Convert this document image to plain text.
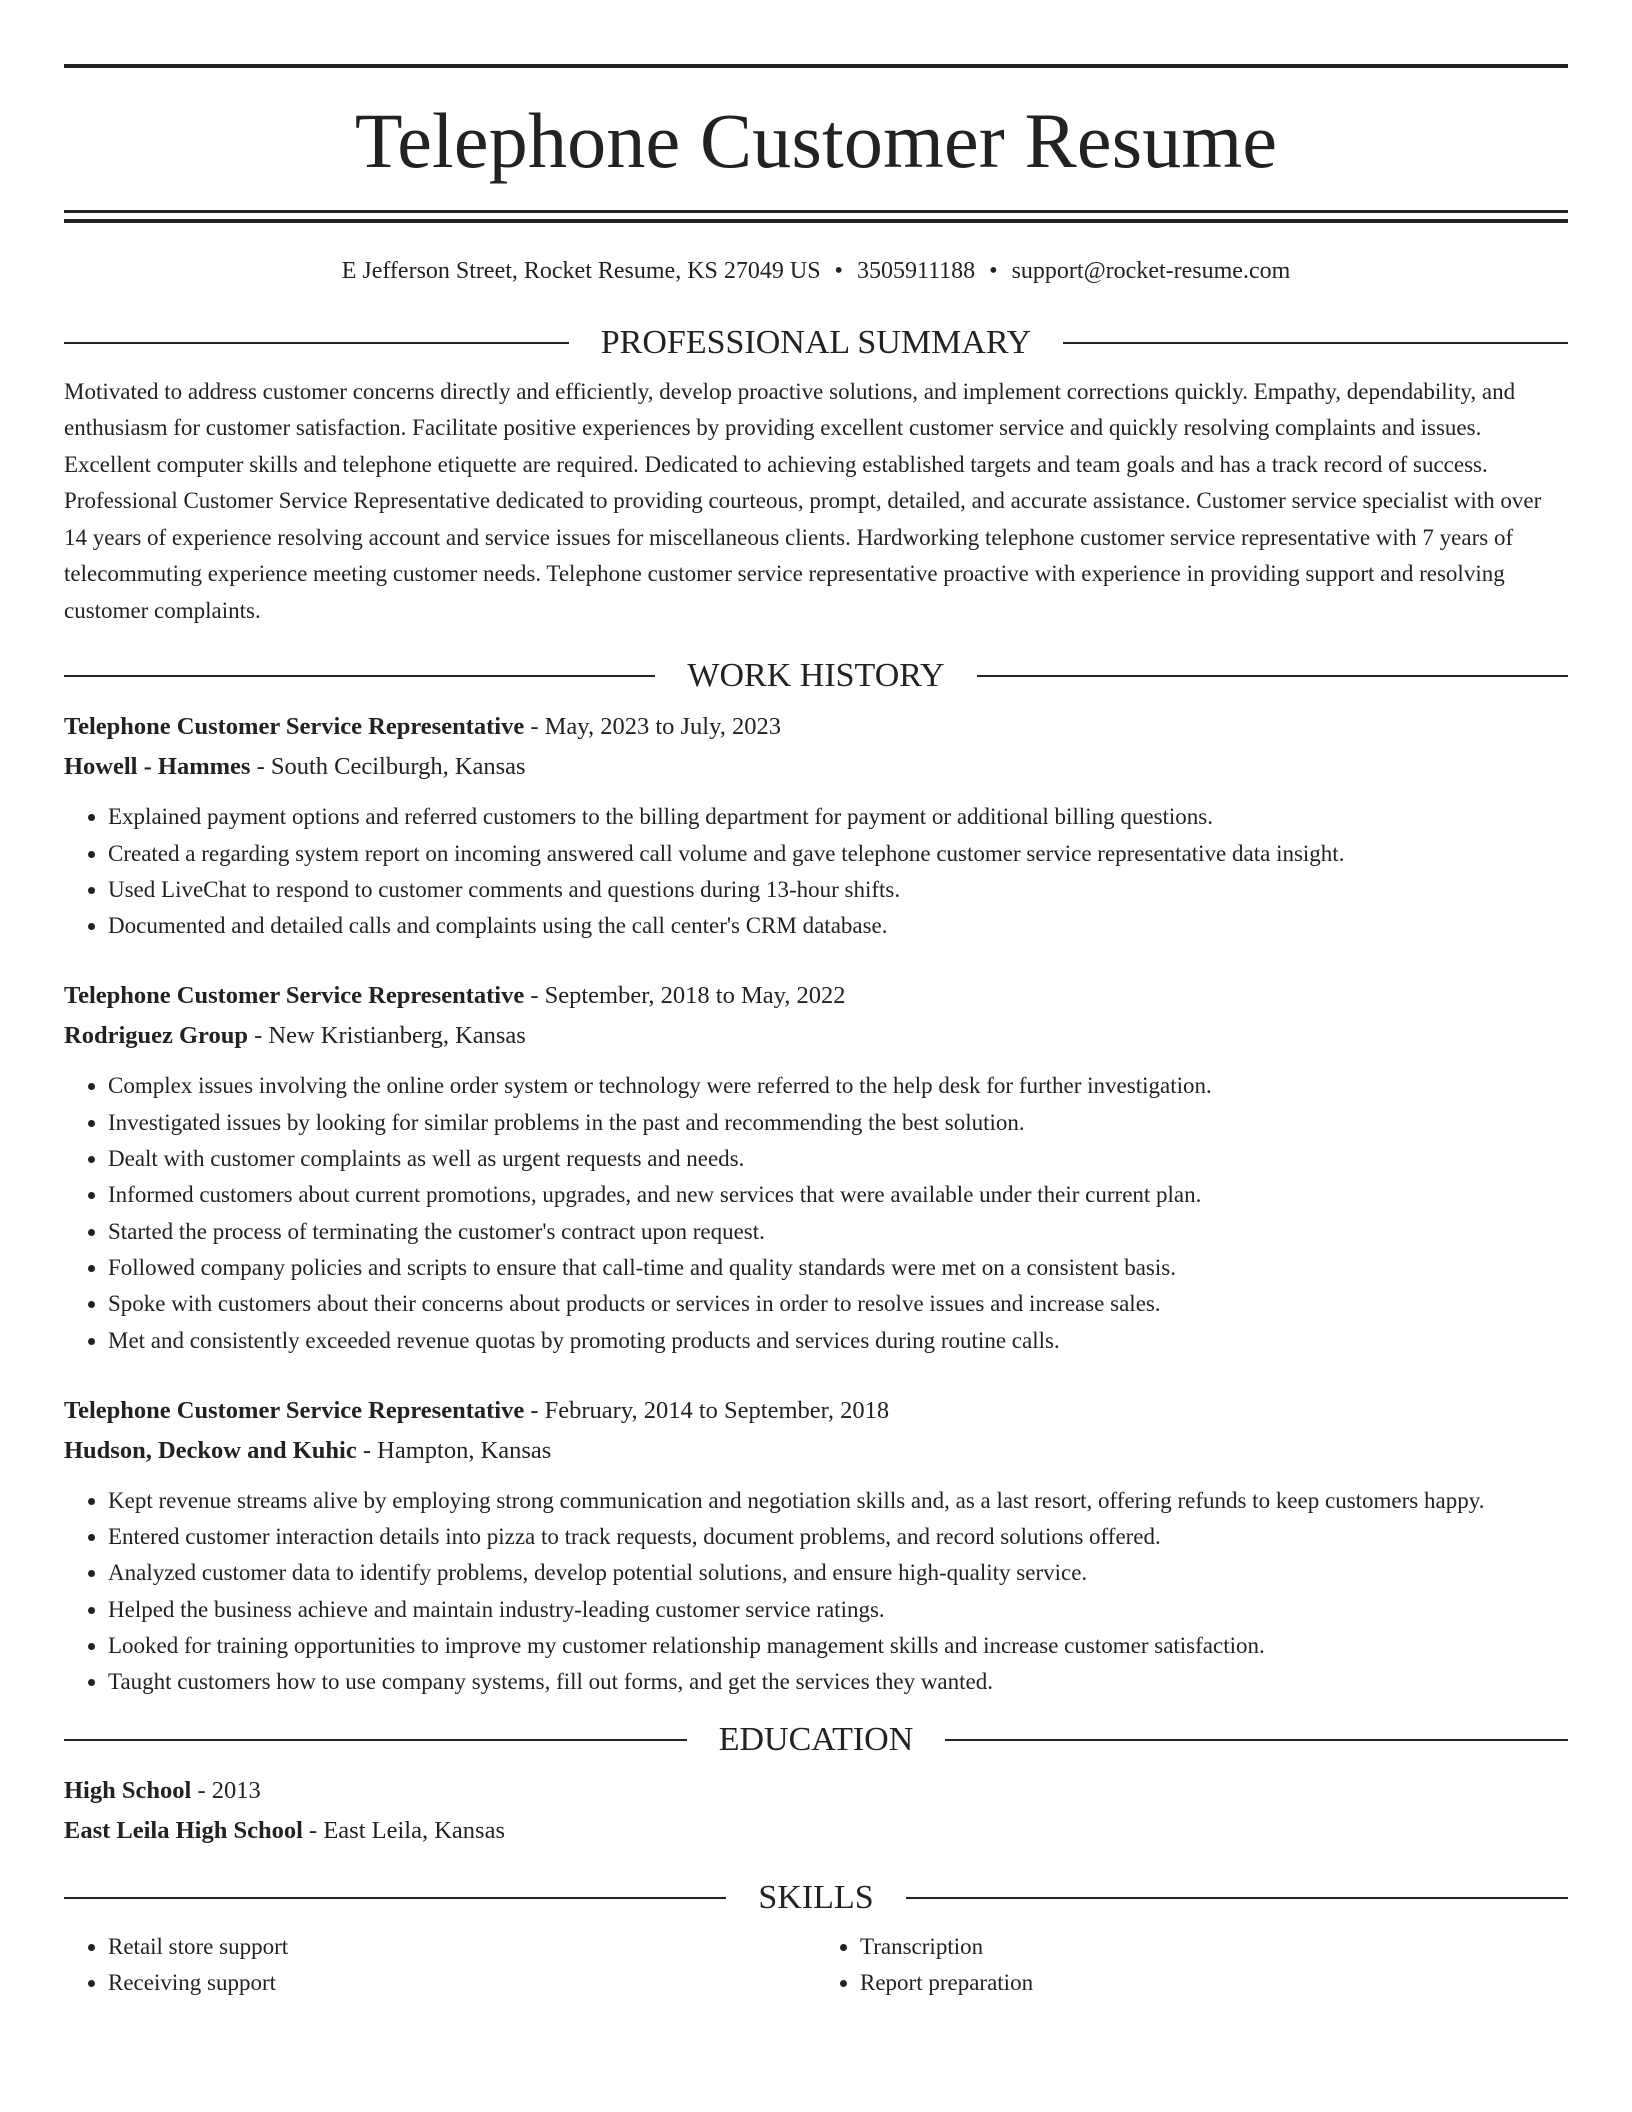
Telephone Customer Resume
E Jefferson Street, Rocket Resume, KS 27049 US • 3505911188 • support@rocket-resume.com
PROFESSIONAL SUMMARY

Motivated to address customer concerns directly and efficiently, develop proactive solutions, and implement corrections quickly. Empathy, dependability, and enthusiasm for customer satisfaction. Facilitate positive experiences by providing excellent customer service and quickly resolving complaints and issues. Excellent computer skills and telephone etiquette are required. Dedicated to achieving established targets and team goals and has a track record of success. Professional Customer Service Representative dedicated to providing courteous, prompt, detailed, and accurate assistance. Customer service specialist with over 14 years of experience resolving account and service issues for miscellaneous clients. Hardworking telephone customer service representative with 7 years of telecommuting experience meeting customer needs. Telephone customer service representative proactive with experience in providing support and resolving customer complaints.

WORK HISTORY
Telephone Customer Service Representative - May, 2023 to July, 2023
Howell - Hammes - South Cecilburgh, Kansas
• Explained payment options and referred customers to the billing department for payment or additional billing questions.
• Created a regarding system report on incoming answered call volume and gave telephone customer service representative data insight.
• Used LiveChat to respond to customer comments and questions during 13-hour shifts.
• Documented and detailed calls and complaints using the call center's CRM database.
Telephone Customer Service Representative - September, 2018 to May, 2022
Rodriguez Group - New Kristianberg, Kansas
• Complex issues involving the online order system or technology were referred to the help desk for further investigation.
• Investigated issues by looking for similar problems in the past and recommending the best solution.
• Dealt with customer complaints as well as urgent requests and needs.
• Informed customers about current promotions, upgrades, and new services that were available under their current plan.
• Started the process of terminating the customer's contract upon request.
• Followed company policies and scripts to ensure that call-time and quality standards were met on a consistent basis.
• Spoke with customers about their concerns about products or services in order to resolve issues and increase sales.
• Met and consistently exceeded revenue quotas by promoting products and services during routine calls.
Telephone Customer Service Representative - February, 2014 to September, 2018
Hudson, Deckow and Kuhic - Hampton, Kansas
• Kept revenue streams alive by employing strong communication and negotiation skills and, as a last resort, offering refunds to keep customers happy.
• Entered customer interaction details into pizza to track requests, document problems, and record solutions offered.
• Analyzed customer data to identify problems, develop potential solutions, and ensure high-quality service.
• Helped the business achieve and maintain industry-leading customer service ratings.
• Looked for training opportunities to improve my customer relationship management skills and increase customer satisfaction.
• Taught customers how to use company systems, fill out forms, and get the services they wanted.
EDUCATION
High School - 2013
East Leila High School - East Leila, Kansas
SKILLS
• Retail store support
• Receiving support
• Transcription
• Report preparation
